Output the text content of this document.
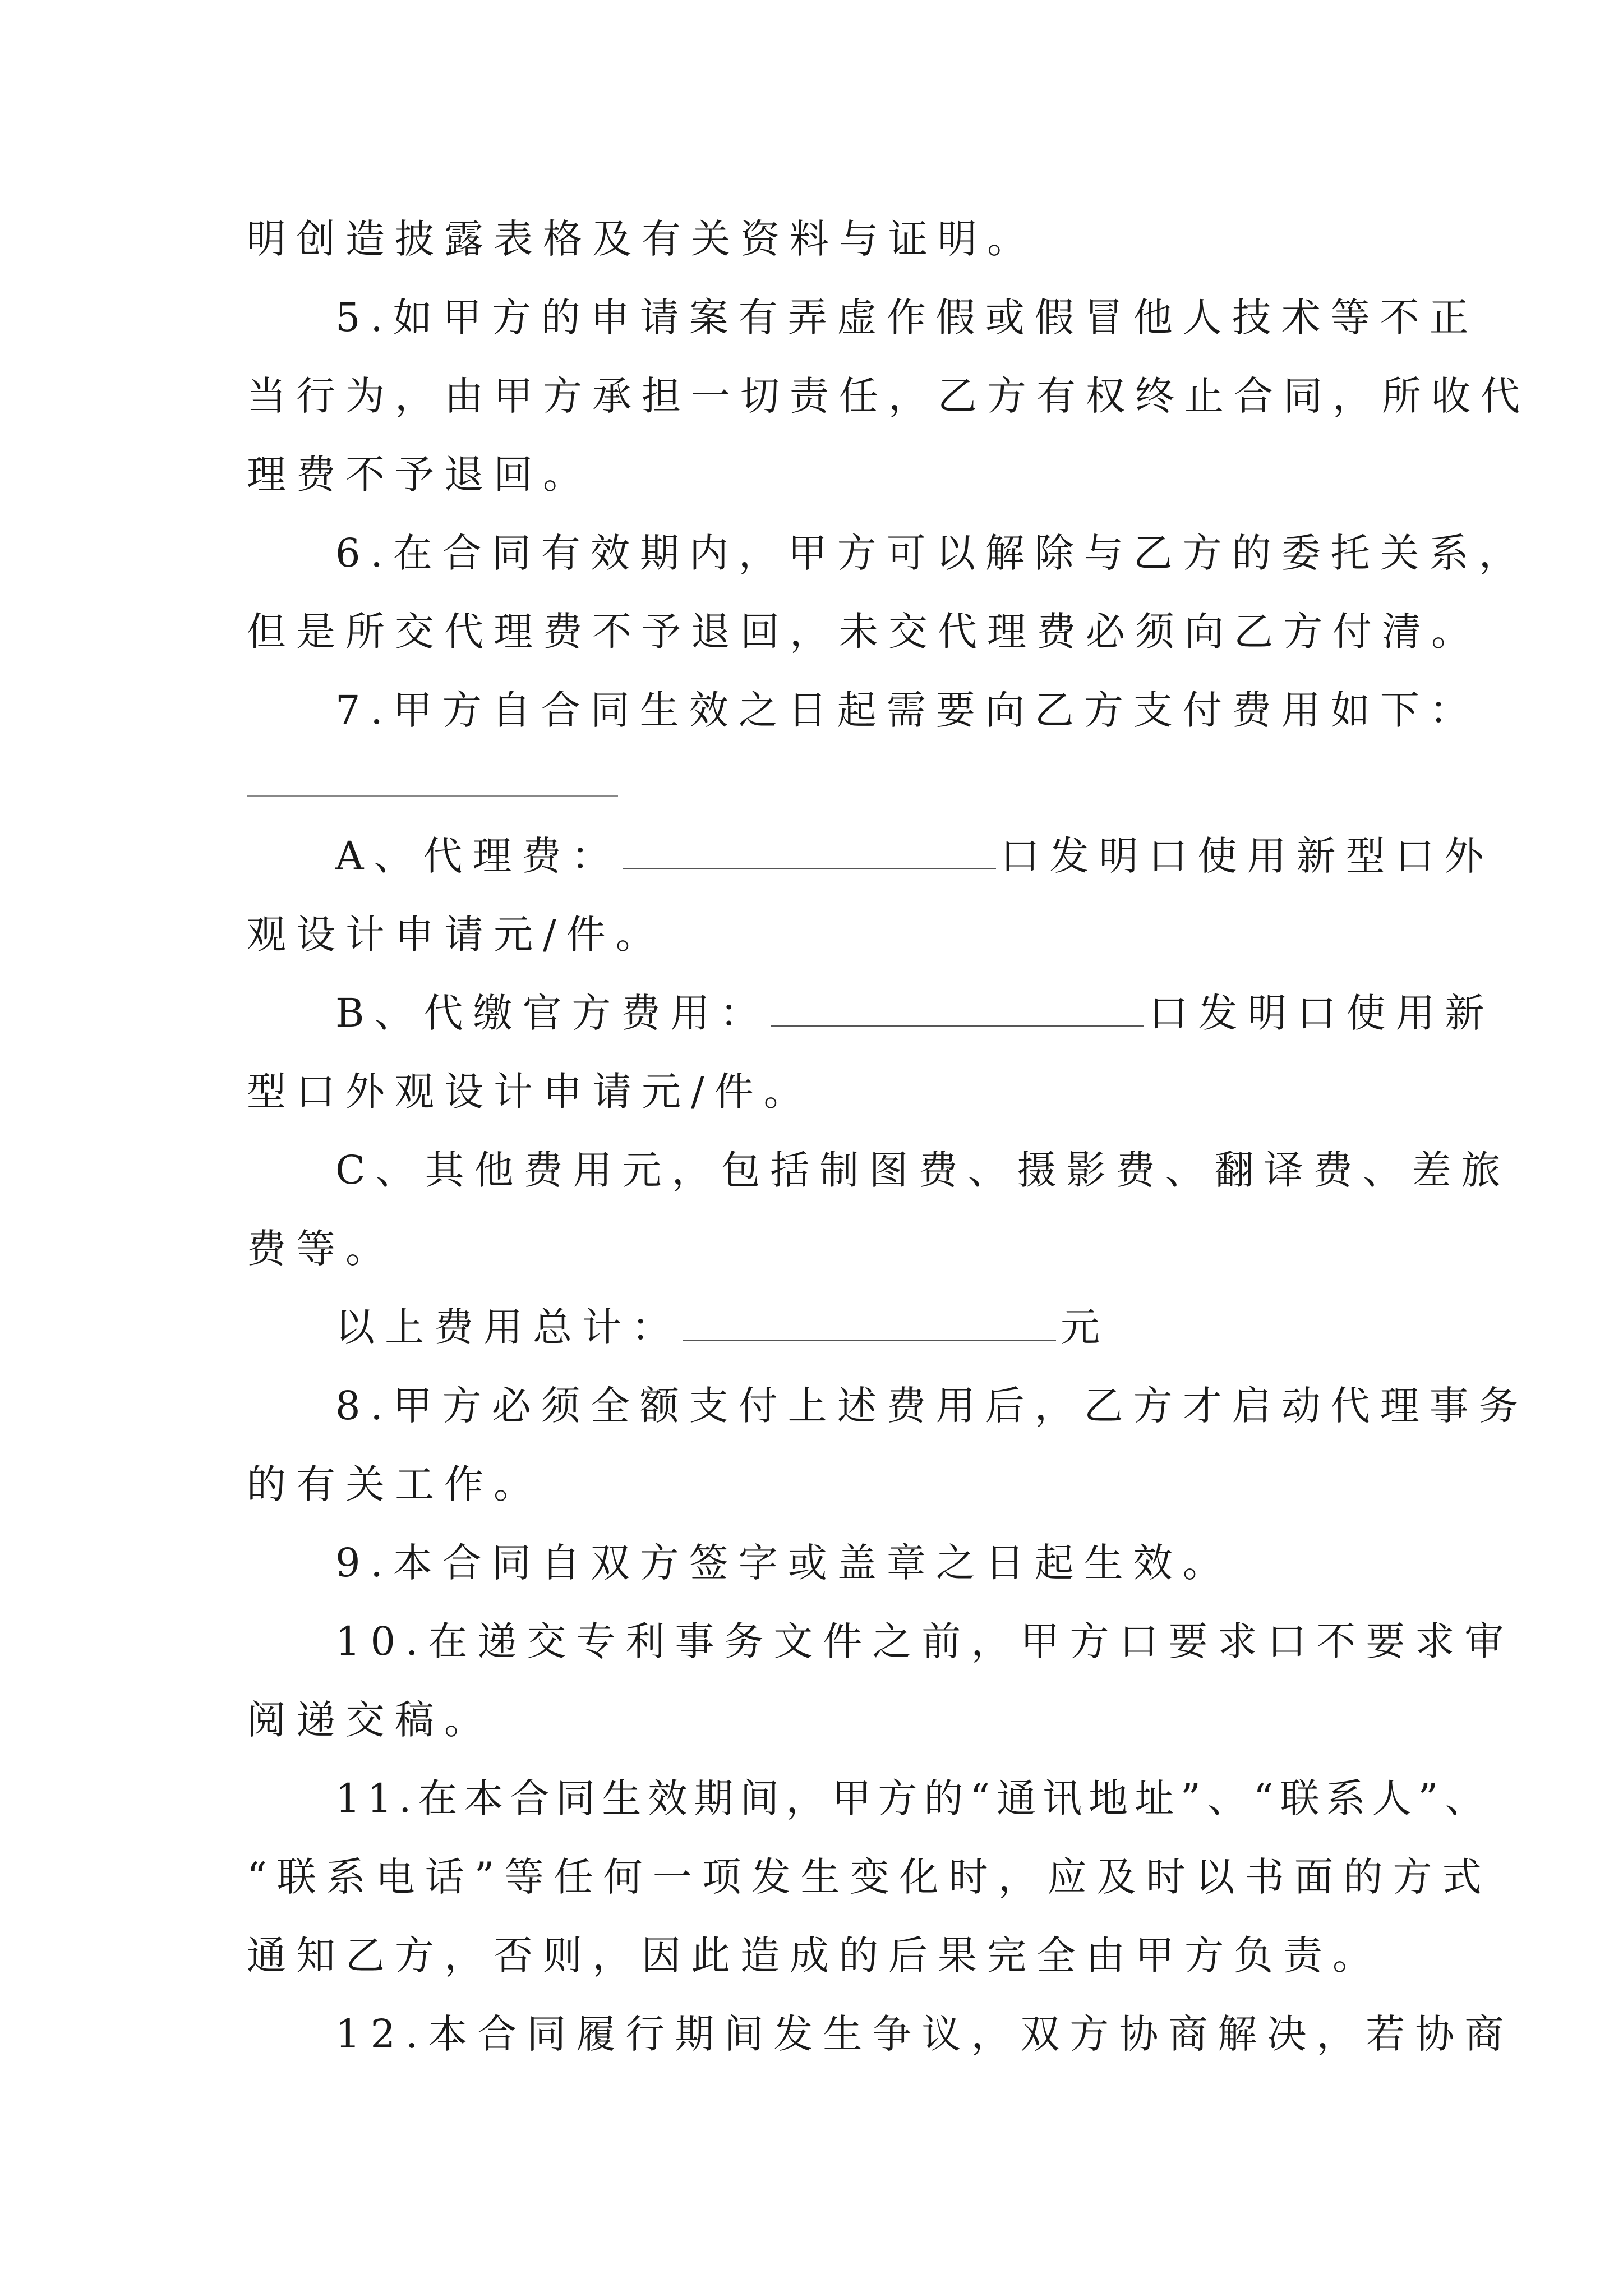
明创造披露表格及有关资料与证明。
5.如甲方的申请案有弄虚作假或假冒他人技术等不正
当行为，由甲方承担一切责任，乙方有权终止合同，所收代
理费不予退回。
6.在合同有效期内，甲方可以解除与乙方的委托关系，
但是所交代理费不予退回，未交代理费必须向乙方付清。
7.甲方自合同生效之日起需要向乙方支付费用如下：
A、代理费：	口发明口使用新型口外
观设计申请元/件。
B、代缴官方费用：	口发明口使用新
型口外观设计申请元/件。
C、其他费用元，包括制图费、摄影费、翻译费、差旅
费等。
以上费用总计：	元
8.甲方必须全额支付上述费用后，乙方才启动代理事务
的有关工作。
9.本合同自双方签字或盖章之日起生效。
10.在递交专利事务文件之前，甲方口要求口不要求审
阅递交稿。
11.在本合同生效期间，甲方的“通讯地址”、“联系人”、
“联系电话”等任何一项发生变化时，应及时以书面的方式
通知乙方，否则，因此造成的后果完全由甲方负责。
12.本合同履行期间发生争议，双方协商解决，若协商
